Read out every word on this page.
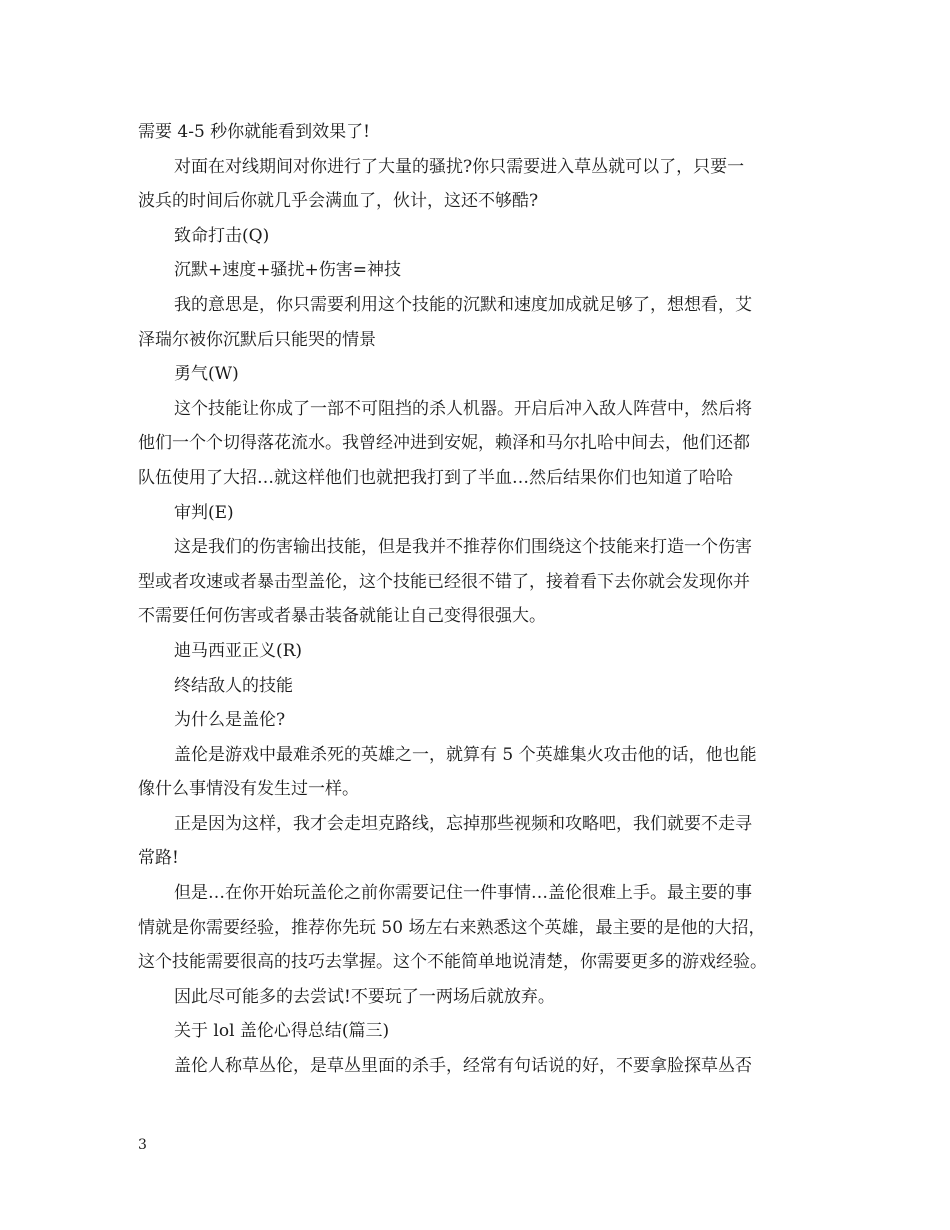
需要 4-5 秒你就能看到效果了!
对面在对线期间对你进行了大量的骚扰?你只需要进入草丛就可以了，只要一
波兵的时间后你就几乎会满血了，伙计，这还不够酷?
致命打击(Q)
沉默+速度+骚扰+伤害=神技
我的意思是，你只需要利用这个技能的沉默和速度加成就足够了，想想看，艾
泽瑞尔被你沉默后只能哭的情景
勇气(W)
这个技能让你成了一部不可阻挡的杀人机器。开启后冲入敌人阵营中，然后将
他们一个个切得落花流水。我曾经冲进到安妮，赖泽和马尔扎哈中间去，他们还都
队伍使用了大招…就这样他们也就把我打到了半血…然后结果你们也知道了哈哈
审判(E)
这是我们的伤害输出技能，但是我并不推荐你们围绕这个技能来打造一个伤害
型或者攻速或者暴击型盖伦，这个技能已经很不错了，接着看下去你就会发现你并
不需要任何伤害或者暴击装备就能让自己变得很强大。
迪马西亚正义(R)
终结敌人的技能
为什么是盖伦?
盖伦是游戏中最难杀死的英雄之一，就算有 5 个英雄集火攻击他的话，他也能
像什么事情没有发生过一样。
正是因为这样，我才会走坦克路线，忘掉那些视频和攻略吧，我们就要不走寻
常路!
但是…在你开始玩盖伦之前你需要记住一件事情…盖伦很难上手。最主要的事
情就是你需要经验，推荐你先玩 50 场左右来熟悉这个英雄，最主要的是他的大招，
这个技能需要很高的技巧去掌握。这个不能简单地说清楚，你需要更多的游戏经验。
因此尽可能多的去尝试!不要玩了一两场后就放弃。
关于 lol 盖伦心得总结(篇三)
盖伦人称草丛伦，是草丛里面的杀手，经常有句话说的好，不要拿脸探草丛否
3
